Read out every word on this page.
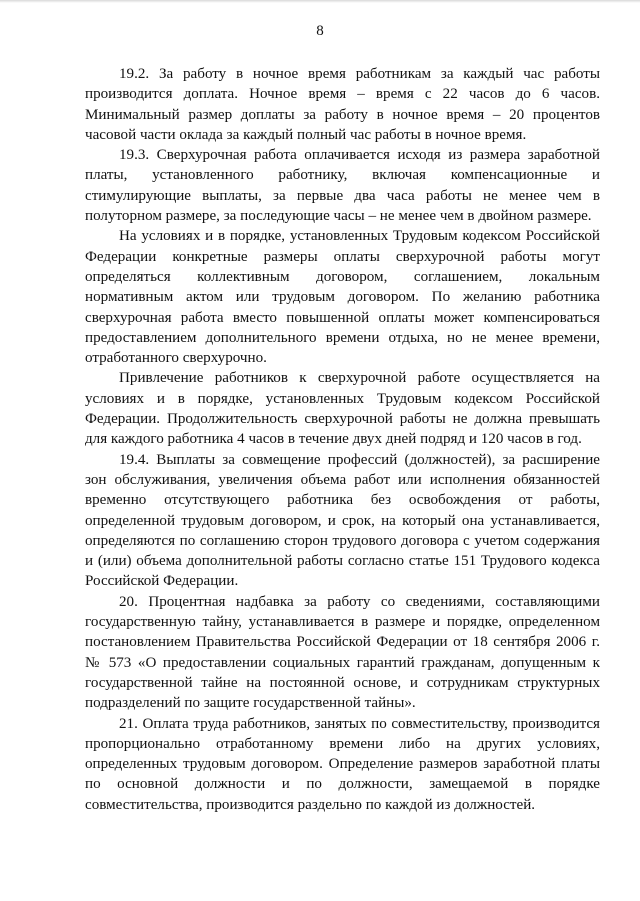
8

19.2. За работу в ночное время работникам за каждый час работы производится доплата. Ночное время – время с 22 часов до 6 часов. Минимальный размер доплаты за работу в ночное время – 20 процентов часовой части оклада за каждый полный час работы в ночное время.

19.3. Сверхурочная работа оплачивается исходя из размера заработной платы, установленного работнику, включая компенсационные и стимулирующие выплаты, за первые два часа работы не менее чем в полуторном размере, за последующие часы – не менее чем в двойном размере.

На условиях и в порядке, установленных Трудовым кодексом Российской Федерации конкретные размеры оплаты сверхурочной работы могут определяться коллективным договором, соглашением, локальным нормативным актом или трудовым договором. По желанию работника сверхурочная работа вместо повышенной оплаты может компенсироваться предоставлением дополнительного времени отдыха, но не менее времени, отработанного сверхурочно.

Привлечение работников к сверхурочной работе осуществляется на условиях и в порядке, установленных Трудовым кодексом Российской Федерации. Продолжительность сверхурочной работы не должна превышать для каждого работника 4 часов в течение двух дней подряд и 120 часов в год.

19.4. Выплаты за совмещение профессий (должностей), за расширение зон обслуживания, увеличения объема работ или исполнения обязанностей временно отсутствующего работника без освобождения от работы, определенной трудовым договором, и срок, на который она устанавливается, определяются по соглашению сторон трудового договора с учетом содержания и (или) объема дополнительной работы согласно статье 151 Трудового кодекса Российской Федерации.

20. Процентная надбавка за работу со сведениями, составляющими государственную тайну, устанавливается в размере и порядке, определенном постановлением Правительства Российской Федерации от 18 сентября 2006 г. № 573 «О предоставлении социальных гарантий гражданам, допущенным к государственной тайне на постоянной основе, и сотрудникам структурных подразделений по защите государственной тайны».

21. Оплата труда работников, занятых по совместительству, производится пропорционально отработанному времени либо на других условиях, определенных трудовым договором. Определение размеров заработной платы по основной должности и по должности, замещаемой в порядке совместительства, производится раздельно по каждой из должностей.
